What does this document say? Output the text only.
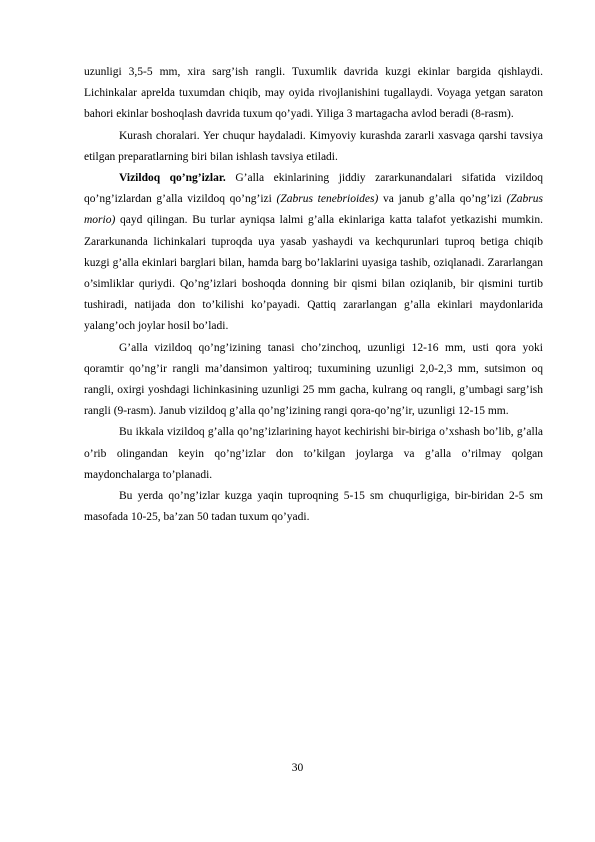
uzunligi 3,5-5 mm, xira sarg’ish rangli. Tuxumlik davrida kuzgi ekinlar bargida qishlaydi. Lichinkalar aprelda tuxumdan chiqib, may oyida rivojlanishini tugallaydi. Voyaga yetgan saraton bahori ekinlar boshoqlash davrida tuxum qo’yadi. Yiliga 3 martagacha avlod beradi (8-rasm).

Kurash choralari. Yer chuqur haydaladi. Kimyoviy kurashda zararli xasvaga qarshi tavsiya etilgan preparatlarning biri bilan ishlash tavsiya etiladi.

Vizildoq qo’ng’izlar. G’alla ekinlarining jiddiy zararkunandalari sifatida vizildoq qo’ng’izlardan g’alla vizildoq qo’ng’izi (Zabrus tenebrioides) va janub g’alla qo’ng’izi (Zabrus morio) qayd qilingan. Bu turlar ayniqsa lalmi g’alla ekinlariga katta talafot yetkazishi mumkin. Zararkunanda lichinkalari tuproqda uya yasab yashaydi va kechqurunlari tuproq betiga chiqib kuzgi g’alla ekinlari barglari bilan, hamda barg bo’laklarini uyasiga tashib, oziqlanadi. Zararlangan o’simliklar quriydi. Qo’ng’izlari boshoqda donning bir qismi bilan oziqlanib, bir qismini turtib tushiradi, natijada don to’kilishi ko’payadi. Qattiq zararlangan g’alla ekinlari maydonlarida yalang’och joylar hosil bo’ladi.

G’alla vizildoq qo’ng’izining tanasi cho’zinchoq, uzunligi 12-16 mm, usti qora yoki qoramtir qo’ng’ir rangli ma’dansimon yaltiroq; tuxumining uzunligi 2,0-2,3 mm, sutsimon oq rangli, oxirgi yoshdagi lichinkasining uzunligi 25 mm gacha, kulrang oq rangli, g’umbagi sarg’ish rangli (9-rasm). Janub vizildoq g’alla qo’ng’izining rangi qora-qo’ng’ir, uzunligi 12-15 mm.

Bu ikkala vizildoq g’alla qo’ng’izlarining hayot kechirishi bir-biriga o’xshash bo’lib, g’alla o’rib olingandan keyin qo’ng’izlar don to’kilgan joylarga va g’alla o’rilmay qolgan maydonchalarga to’planadi.

Bu yerda qo’ng’izlar kuzga yaqin tuproqning 5-15 sm chuqurligiga, bir-biridan 2-5 sm masofada 10-25, ba’zan 50 tadan tuxum qo’yadi.

30
